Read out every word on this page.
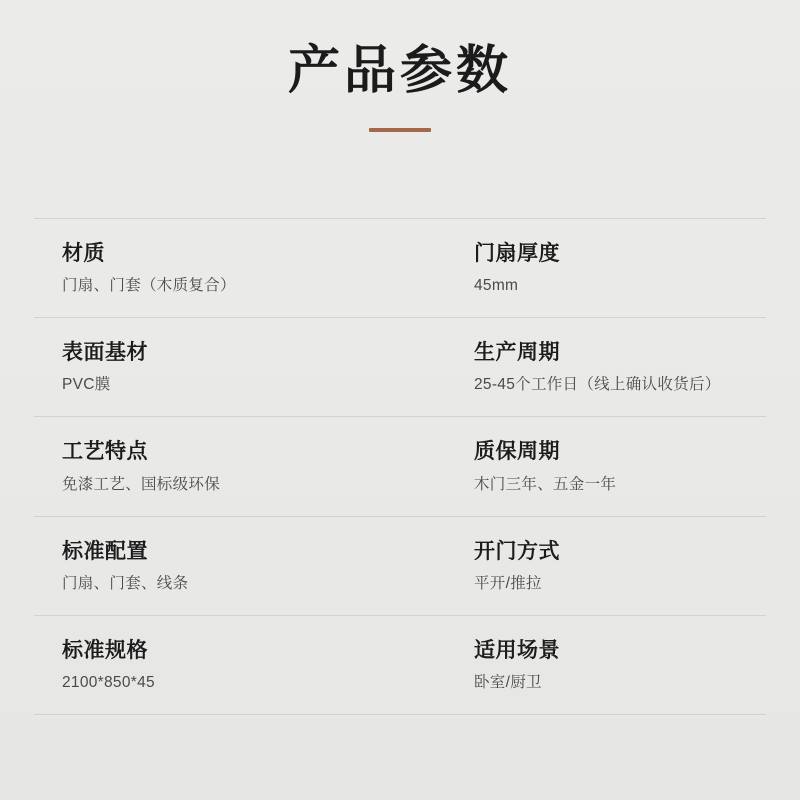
产品参数
材质
门扇、门套（木质复合）
门扇厚度
45mm
表面基材
PVC膜
生产周期
25-45个工作日（线上确认收货后）
工艺特点
免漆工艺、国标级环保
质保周期
木门三年、五金一年
标准配置
门扇、门套、线条
开门方式
平开/推拉
标准规格
2100*850*45
适用场景
卧室/厨卫
